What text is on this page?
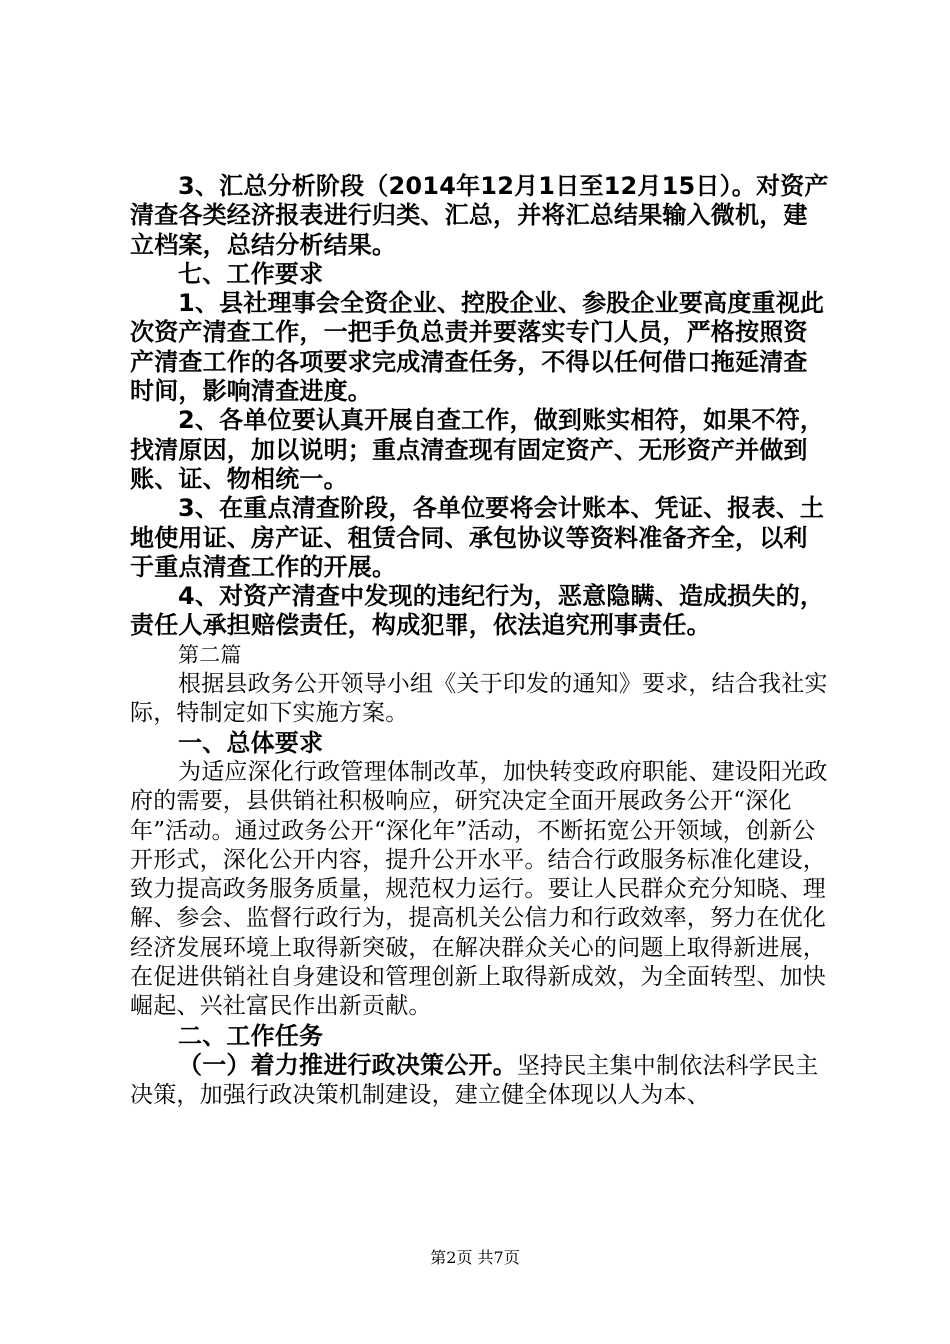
3、汇总分析阶段（2014年12月1日至12月15日）。对资产清查各类经济报表进行归类、汇总，并将汇总结果输入微机，建立档案，总结分析结果。

七、工作要求

1、县社理事会全资企业、控股企业、参股企业要高度重视此次资产清查工作，一把手负总责并要落实专门人员，严格按照资产清查工作的各项要求完成清查任务，不得以任何借口拖延清查时间，影响清查进度。

2、各单位要认真开展自查工作，做到账实相符，如果不符，找清原因，加以说明；重点清查现有固定资产、无形资产并做到账、证、物相统一。

3、在重点清查阶段，各单位要将会计账本、凭证、报表、土地使用证、房产证、租赁合同、承包协议等资料准备齐全，以利于重点清查工作的开展。

4、对资产清查中发现的违纪行为，恶意隐瞒、造成损失的，责任人承担赔偿责任，构成犯罪，依法追究刑事责任。

第二篇

根据县政务公开领导小组《关于印发的通知》要求，结合我社实际，特制定如下实施方案。

一、总体要求

为适应深化行政管理体制改革，加快转变政府职能、建设阳光政府的需要，县供销社积极响应，研究决定全面开展政务公开“深化年”活动。通过政务公开“深化年”活动，不断拓宽公开领域，创新公开形式，深化公开内容，提升公开水平。结合行政服务标准化建设，致力提高政务服务质量，规范权力运行。要让人民群众充分知晓、理解、参会、监督行政行为，提高机关公信力和行政效率，努力在优化经济发展环境上取得新突破，在解决群众关心的问题上取得新进展，在促进供销社自身建设和管理创新上取得新成效，为全面转型、加快崛起、兴社富民作出新贡献。

二、工作任务

（一）着力推进行政决策公开。坚持民主集中制依法科学民主决策，加强行政决策机制建设，建立健全体现以人为本、

第2页 共7页
